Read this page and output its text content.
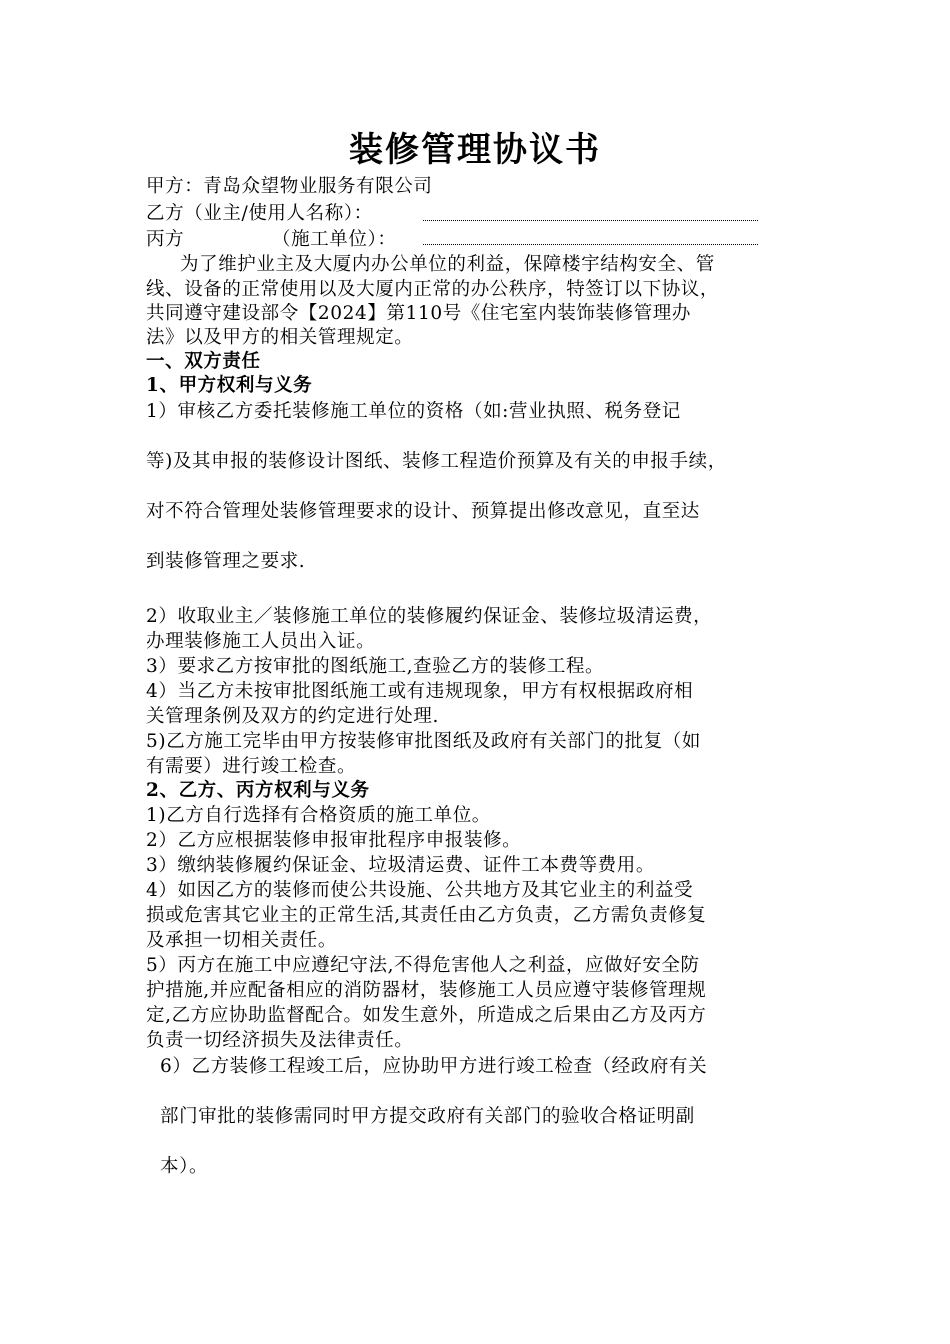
装修管理协议书
甲方：青岛众望物业服务有限公司
乙方（业主/使用人名称）：
丙方	（施工单位）：
为了维护业主及大厦内办公单位的利益，保障楼宇结构安全、管
线、设备的正常使用以及大厦内正常的办公秩序，特签订以下协议，
共同遵守建设部令【2024】第110号《住宅室内装饰装修管理办
法》以及甲方的相关管理规定。
一、双方责任
1、甲方权利与义务
1）审核乙方委托装修施工单位的资格（如:营业执照、税务登记
等)及其申报的装修设计图纸、装修工程造价预算及有关的申报手续，
对不符合管理处装修管理要求的设计、预算提出修改意见，直至达
到装修管理之要求.
2）收取业主／装修施工单位的装修履约保证金、装修垃圾清运费，
办理装修施工人员出入证。
3）要求乙方按审批的图纸施工,查验乙方的装修工程。
4）当乙方未按审批图纸施工或有违规现象，甲方有权根据政府相
关管理条例及双方的约定进行处理.
5)乙方施工完毕由甲方按装修审批图纸及政府有关部门的批复（如
有需要）进行竣工检查。
2、乙方、丙方权利与义务
1)乙方自行选择有合格资质的施工单位。
2）乙方应根据装修申报审批程序申报装修。
3）缴纳装修履约保证金、垃圾清运费、证件工本费等费用。
4）如因乙方的装修而使公共设施、公共地方及其它业主的利益受
损或危害其它业主的正常生活,其责任由乙方负责，乙方需负责修复
及承担一切相关责任。
5）丙方在施工中应遵纪守法,不得危害他人之利益，应做好安全防
护措施,并应配备相应的消防器材，装修施工人员应遵守装修管理规
定,乙方应协助监督配合。如发生意外，所造成之后果由乙方及丙方
负责一切经济损失及法律责任。
6）乙方装修工程竣工后，应协助甲方进行竣工检查（经政府有关
部门审批的装修需同时甲方提交政府有关部门的验收合格证明副
本）。
